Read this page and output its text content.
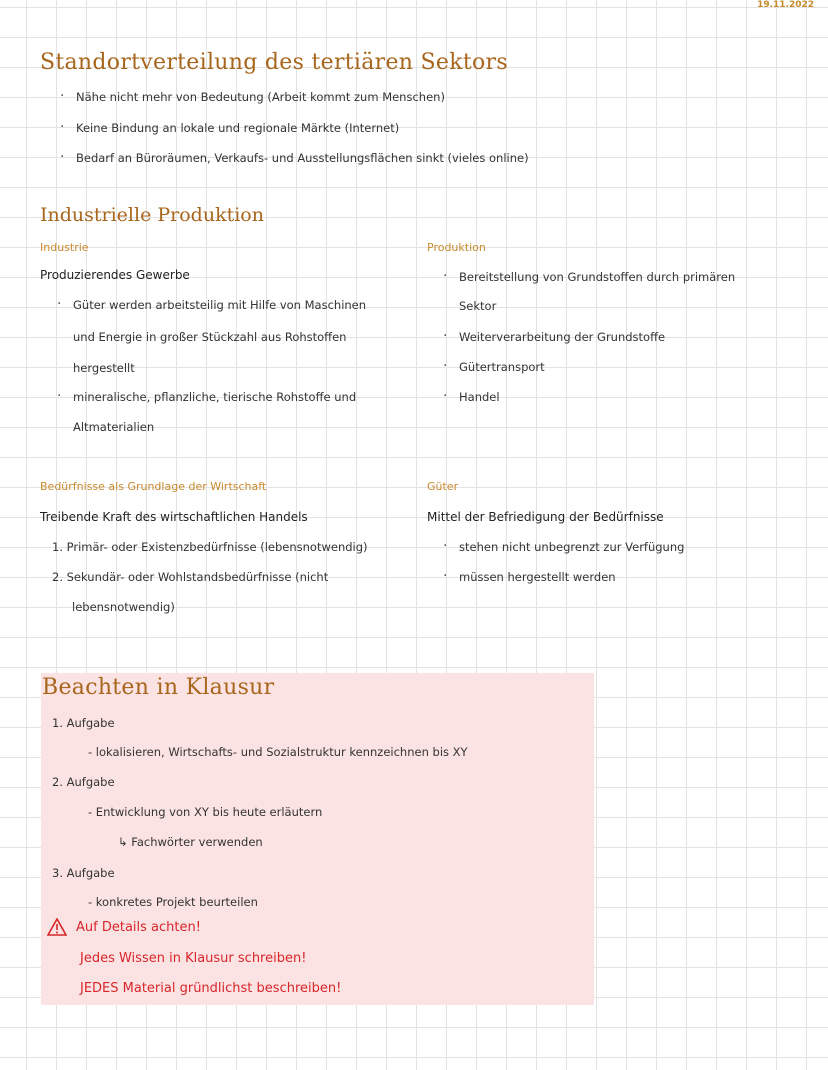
19.11.2022
Standortverteilung des tertiären Sektors
· Nähe nicht mehr von Bedeutung (Arbeit kommt zum Menschen)
· Keine Bindung an lokale und regionale Märkte (Internet)
· Bedarf an Büroräumen, Verkaufs- und Ausstellungsflächen sinkt (vieles online)
Industrielle Produktion
Industrie
Produzierendes Gewerbe
· Güter werden arbeitsteilig mit Hilfe von Maschinen
und Energie in großer Stückzahl aus Rohstoffen
hergestellt
· mineralische, pflanzliche, tierische Rohstoffe und
Altmaterialien
Produktion
· Bereitstellung von Grundstoffen durch primären
Sektor
· Weiterverarbeitung der Grundstoffe
· Gütertransport
· Handel
Bedürfnisse als Grundlage der Wirtschaft
Treibende Kraft des wirtschaftlichen Handels
1. Primär- oder Existenzbedürfnisse (lebensnotwendig)
2. Sekundär- oder Wohlstandsbedürfnisse (nicht
lebensnotwendig)
Güter
Mittel der Befriedigung der Bedürfnisse
· stehen nicht unbegrenzt zur Verfügung
· müssen hergestellt werden
Beachten in Klausur
1. Aufgabe
- lokalisieren, Wirtschafts- und Sozialstruktur kennzeichnen bis XY
2. Aufgabe
- Entwicklung von XY bis heute erläutern
↳ Fachwörter verwenden
3. Aufgabe
- konkretes Projekt beurteilen
Auf Details achten!
Jedes Wissen in Klausur schreiben!
JEDES Material gründlichst beschreiben!
